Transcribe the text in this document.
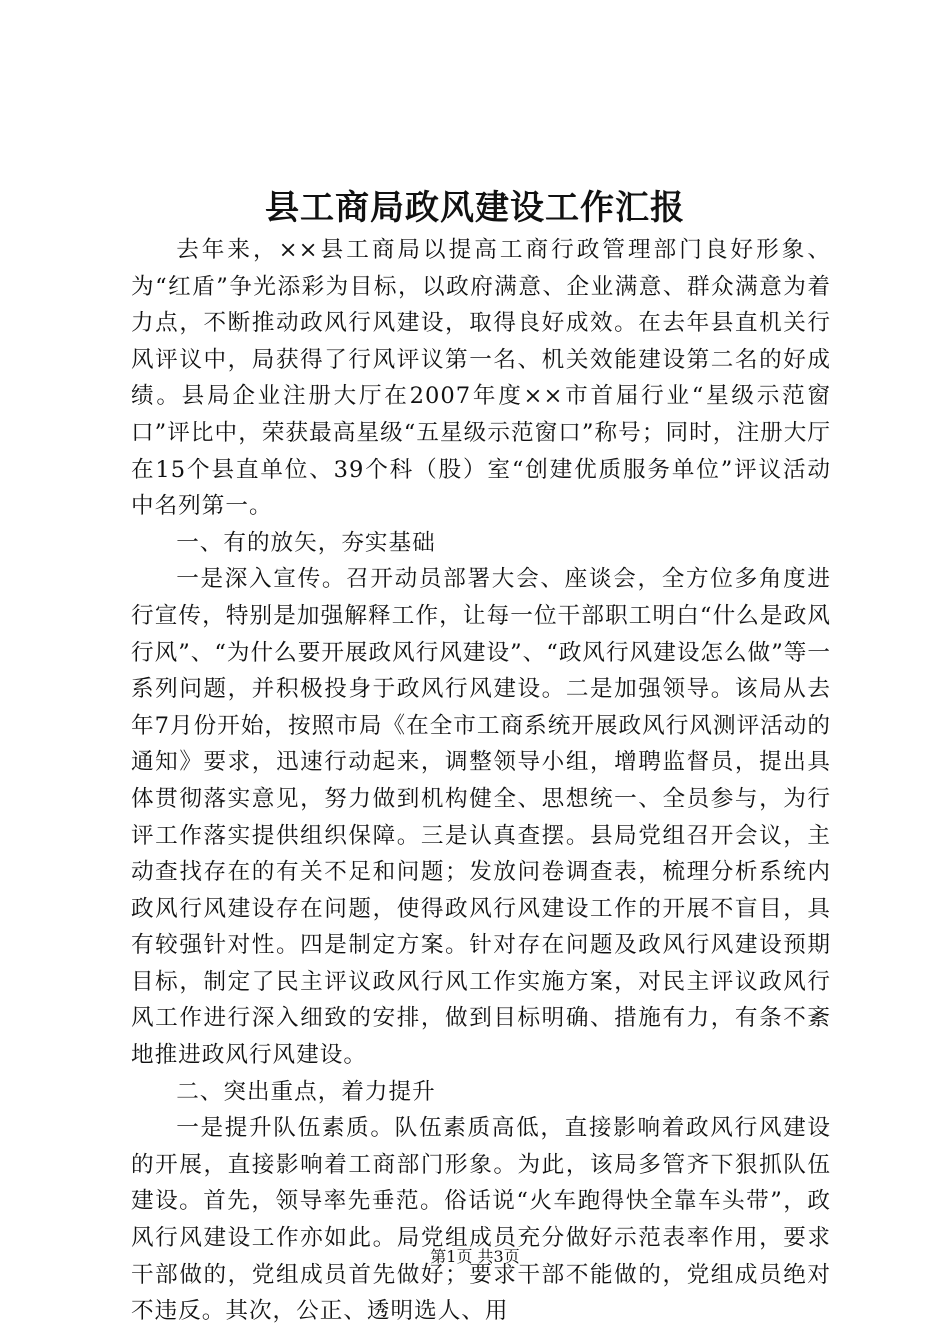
县工商局政风建设工作汇报

去年来，××县工商局以提高工商行政管理部门良好形象、为“红盾”争光添彩为目标，以政府满意、企业满意、群众满意为着力点，不断推动政风行风建设，取得良好成效。在去年县直机关行风评议中，局获得了行风评议第一名、机关效能建设第二名的好成绩。县局企业注册大厅在2007年度××市首届行业“星级示范窗口”评比中，荣获最高星级“五星级示范窗口”称号；同时，注册大厅在15个县直单位、39个科（股）室“创建优质服务单位”评议活动中名列第一。

一、有的放矢，夯实基础

一是深入宣传。召开动员部署大会、座谈会，全方位多角度进行宣传，特别是加强解释工作，让每一位干部职工明白“什么是政风行风”、“为什么要开展政风行风建设”、“政风行风建设怎么做”等一系列问题，并积极投身于政风行风建设。二是加强领导。该局从去年7月份开始，按照市局《在全市工商系统开展政风行风测评活动的通知》要求，迅速行动起来，调整领导小组，增聘监督员，提出具体贯彻落实意见，努力做到机构健全、思想统一、全员参与，为行评工作落实提供组织保障。三是认真查摆。县局党组召开会议，主动查找存在的有关不足和问题；发放问卷调查表，梳理分析系统内政风行风建设存在问题，使得政风行风建设工作的开展不盲目，具有较强针对性。四是制定方案。针对存在问题及政风行风建设预期目标，制定了民主评议政风行风工作实施方案，对民主评议政风行风工作进行深入细致的安排，做到目标明确、措施有力，有条不紊地推进政风行风建设。

二、突出重点，着力提升

一是提升队伍素质。队伍素质高低，直接影响着政风行风建设的开展，直接影响着工商部门形象。为此，该局多管齐下狠抓队伍建设。首先，领导率先垂范。俗话说“火车跑得快全靠车头带”，政风行风建设工作亦如此。局党组成员充分做好示范表率作用，要求干部做的，党组成员首先做好；要求干部不能做的，党组成员绝对不违反。其次，公正、透明选人、用

第1页 共3页
